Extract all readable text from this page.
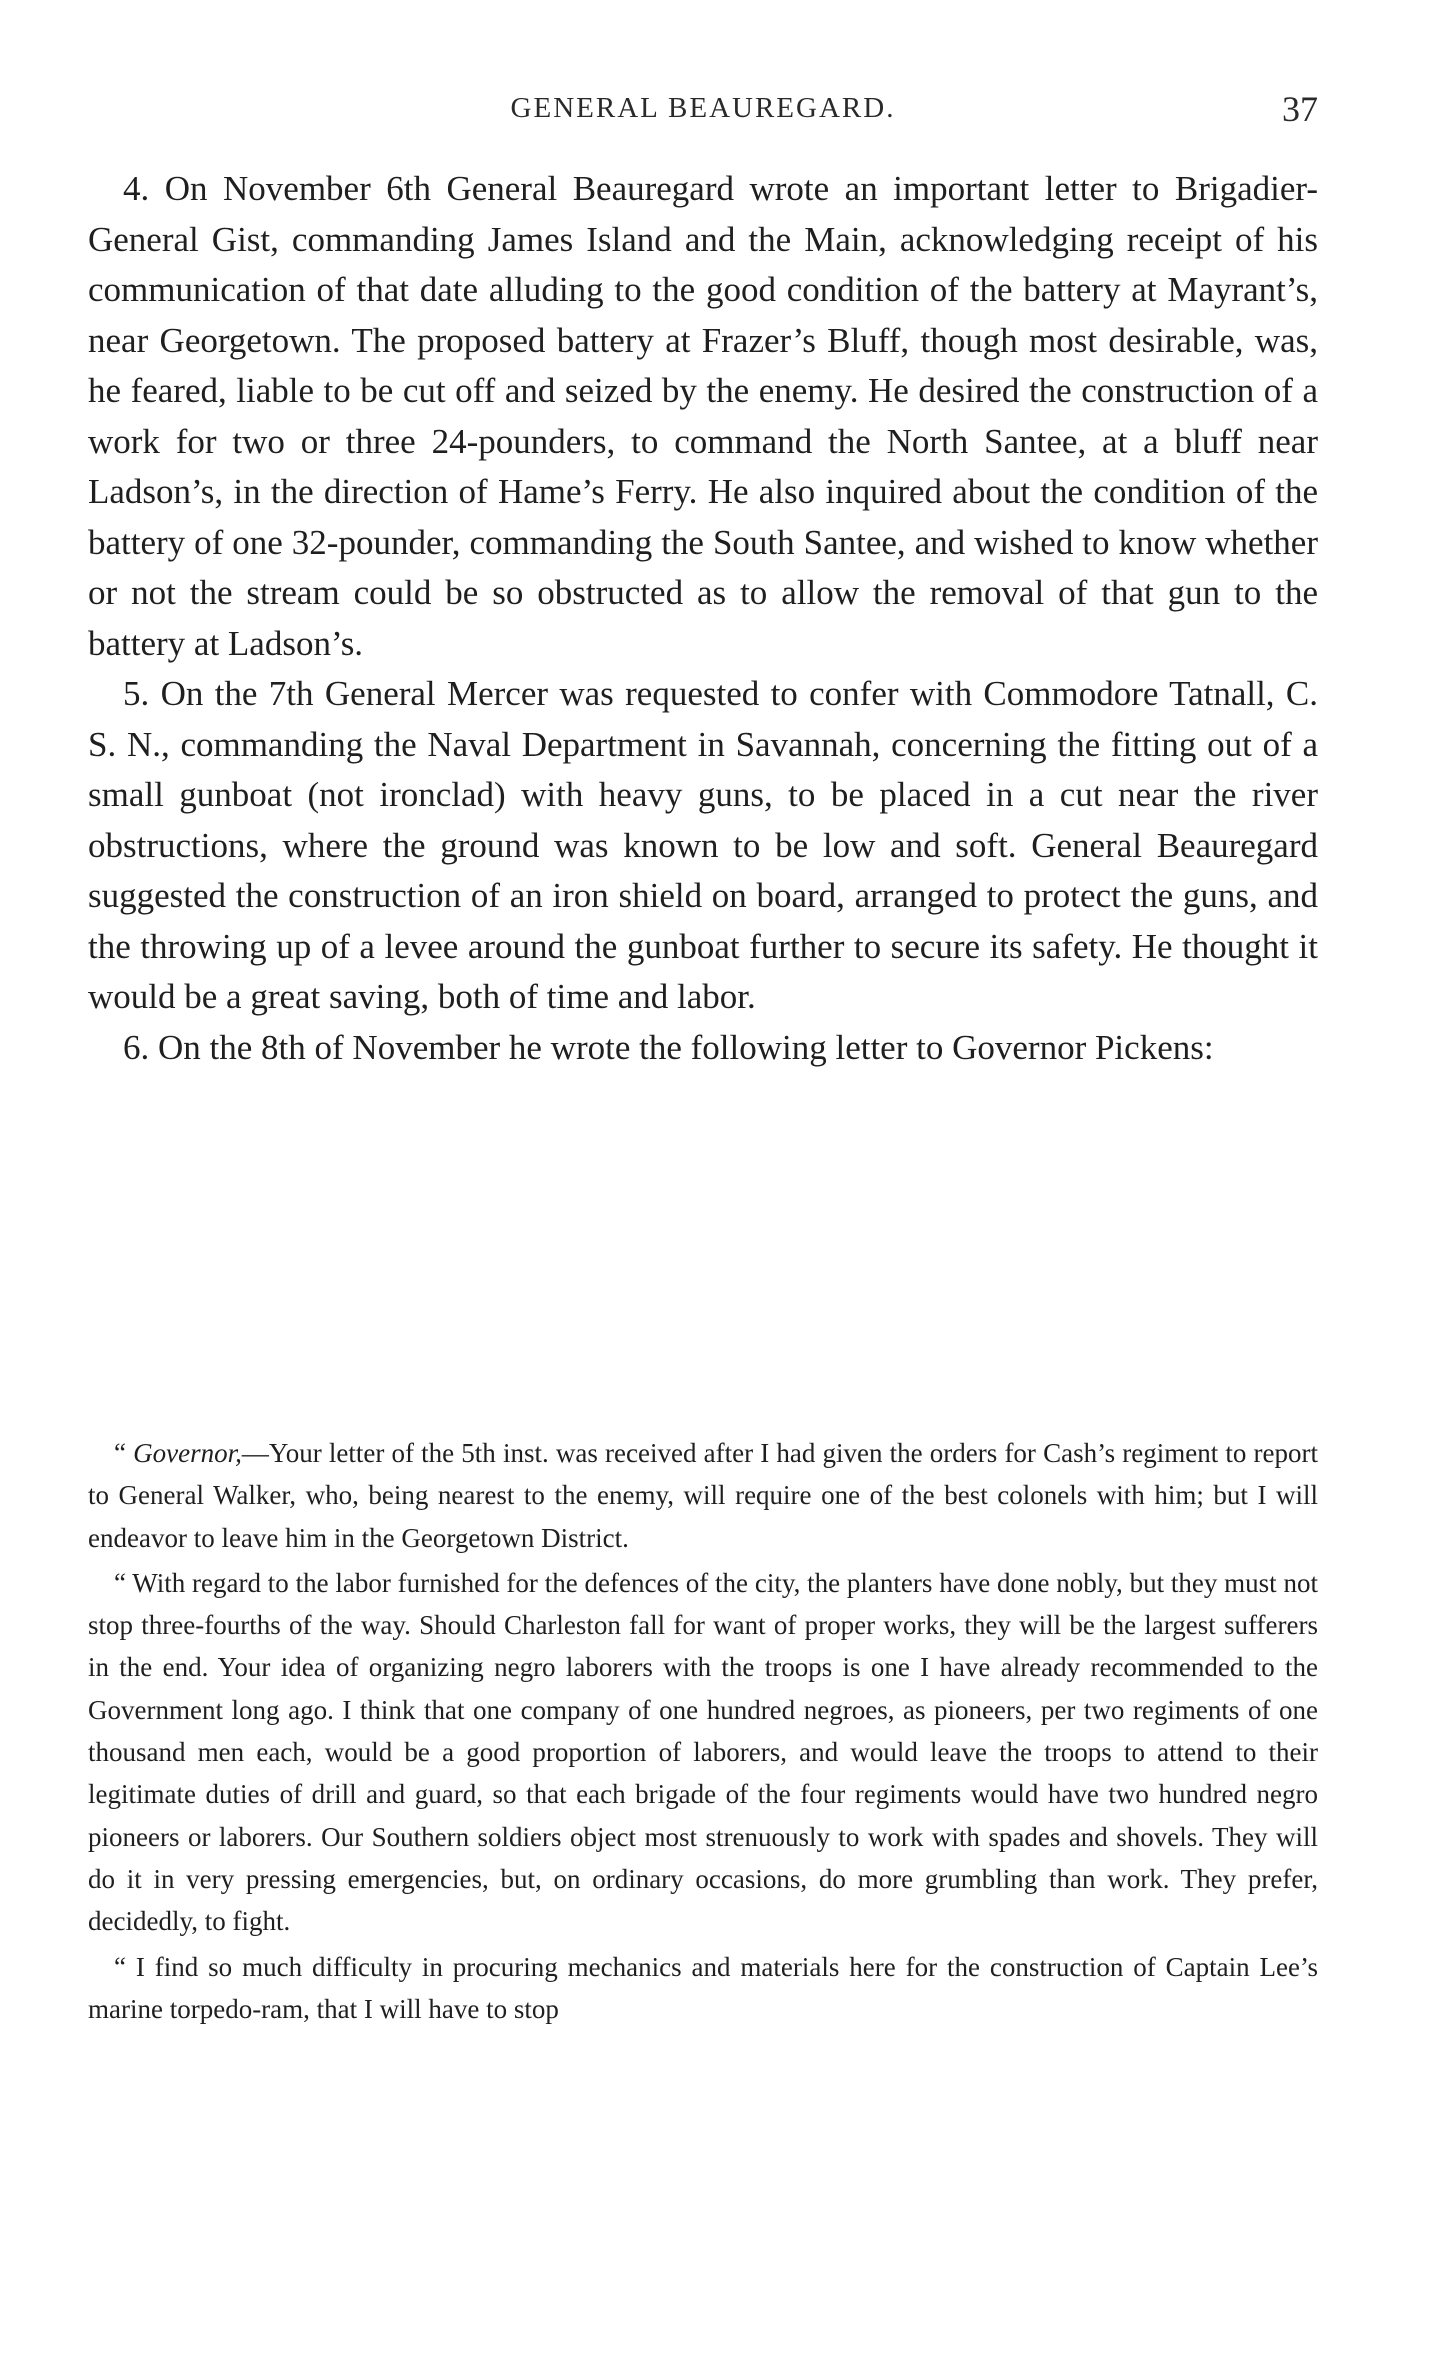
GENERAL BEAUREGARD.	37

4. On November 6th General Beauregard wrote an important letter to Brigadier-General Gist, commanding James Island and the Main, acknowledging receipt of his communication of that date alluding to the good condition of the battery at Mayrant’s, near Georgetown. The proposed battery at Frazer’s Bluff, though most desirable, was, he feared, liable to be cut off and seized by the enemy. He desired the construction of a work for two or three 24-pounders, to command the North Santee, at a bluff near Ladson’s, in the direction of Hame’s Ferry. He also inquired about the condition of the battery of one 32-pounder, commanding the South Santee, and wished to know whether or not the stream could be so obstructed as to allow the removal of that gun to the battery at Ladson’s.

5. On the 7th General Mercer was requested to confer with Commodore Tatnall, C. S. N., commanding the Naval Department in Savannah, concerning the fitting out of a small gunboat (not ironclad) with heavy guns, to be placed in a cut near the river obstructions, where the ground was known to be low and soft. General Beauregard suggested the construction of an iron shield on board, arranged to protect the guns, and the throwing up of a levee around the gunboat further to secure its safety. He thought it would be a great saving, both of time and labor.

6. On the 8th of November he wrote the following letter to Governor Pickens:

“ Governor,—Your letter of the 5th inst. was received after I had given the orders for Cash’s regiment to report to General Walker, who, being nearest to the enemy, will require one of the best colonels with him; but I will endeavor to leave him in the Georgetown District.

“ With regard to the labor furnished for the defences of the city, the planters have done nobly, but they must not stop three-fourths of the way. Should Charleston fall for want of proper works, they will be the largest sufferers in the end. Your idea of organizing negro laborers with the troops is one I have already recommended to the Government long ago. I think that one company of one hundred negroes, as pioneers, per two regiments of one thousand men each, would be a good proportion of laborers, and would leave the troops to attend to their legitimate duties of drill and guard, so that each brigade of the four regiments would have two hundred negro pioneers or laborers. Our Southern soldiers object most strenuously to work with spades and shovels. They will do it in very pressing emergencies, but, on ordinary occasions, do more grumbling than work. They prefer, decidedly, to fight.

“ I find so much difficulty in procuring mechanics and materials here for the construction of Captain Lee’s marine torpedo-ram, that I will have to stop
